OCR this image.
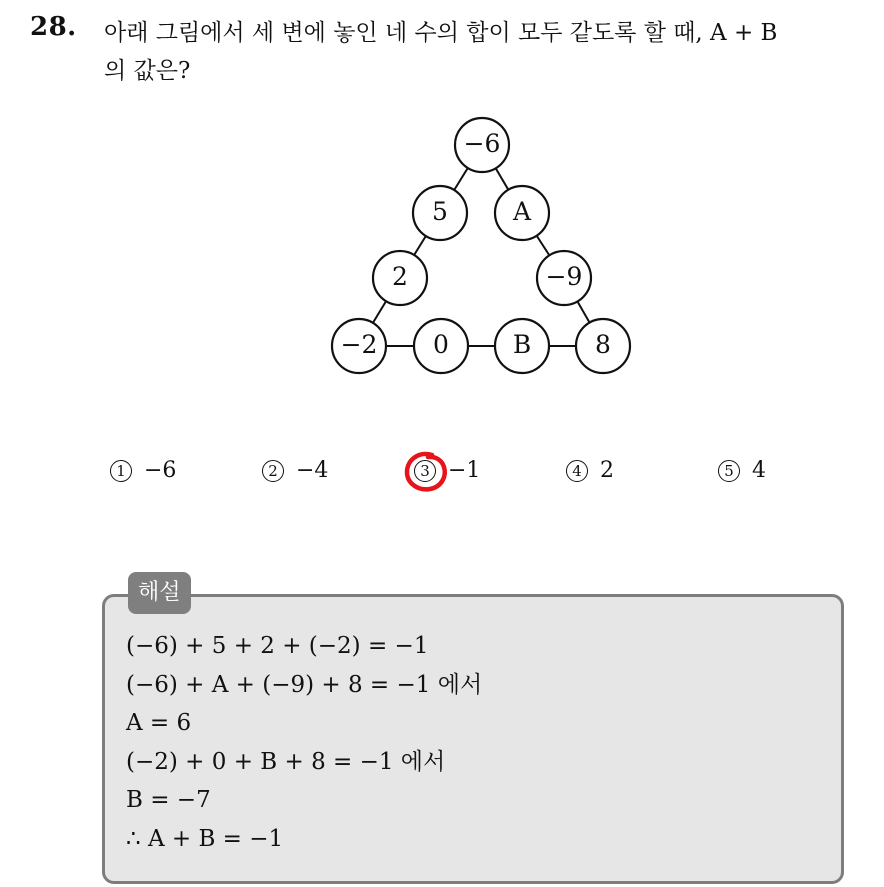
28. 아래 그림에서 세 변에 놓인 네 수의 합이 모두 같도록 할 때, A + B
의 값은?
−6
5	A
2	−9
−2	0	B	8
1 −6	2 −4	3 −1	4 2	5 4
해설
(−6) + 5 + 2 + (−2) = −1
(−6) + A + (−9) + 8 = −1 에서
A = 6
(−2) + 0 + B + 8 = −1 에서
B = −7
∴ A + B = −1
